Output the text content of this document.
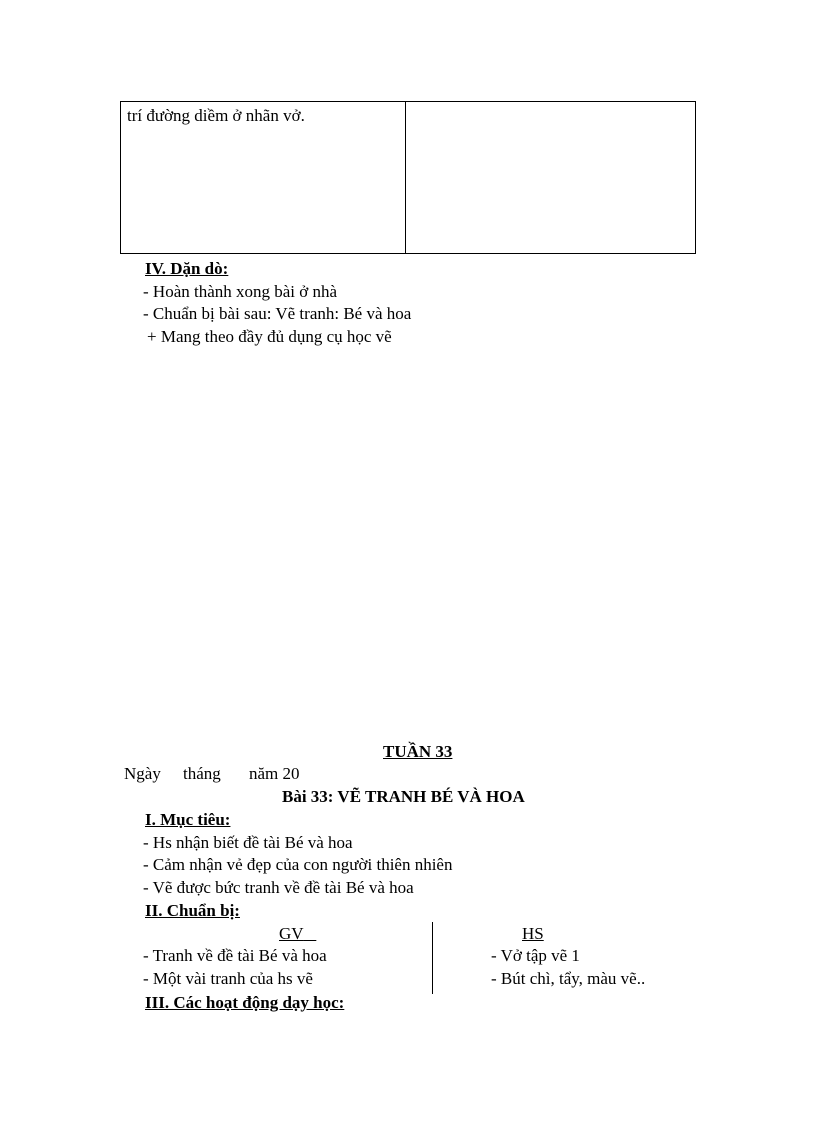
trí đường diềm ở nhãn vở.
IV. Dặn dò:
- Hoàn thành xong bài ở nhà
- Chuẩn bị bài sau: Vẽ tranh: Bé và hoa
+ Mang theo đầy đủ dụng cụ học vẽ
TUẦN 33
Ngày tháng năm 20
Bài 33: VẼ TRANH BÉ VÀ HOA
I. Mục tiêu:
- Hs nhận biết đề tài Bé và hoa
- Cảm nhận vẻ đẹp của con người thiên nhiên
- Vẽ được bức tranh về đề tài Bé và hoa
II. Chuẩn bị:
GV	HS
- Tranh về đề tài Bé và hoa
- Một vài tranh của hs vẽ
- Vở tập vẽ 1
- Bút chì, tẩy, màu vẽ..
III. Các hoạt động dạy học:
